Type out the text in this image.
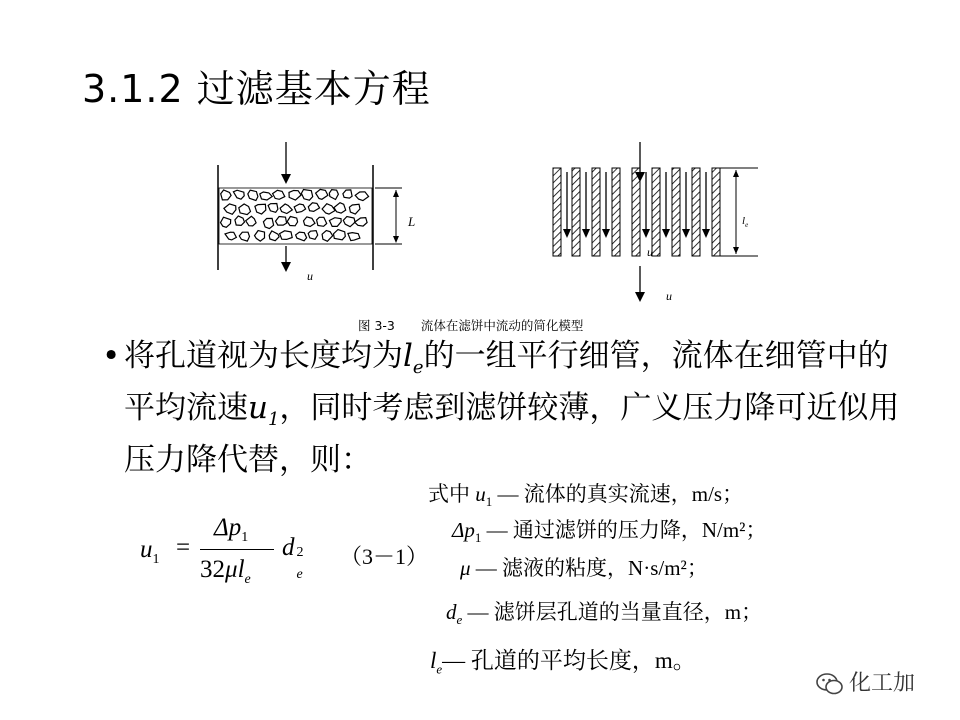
3.1.2 过滤基本方程
L
u
$l_e$
u
u
图 3-3 流体在滤饼中流动的简化模型
• 将孔道视为长度均为$l_e$的一组平行细管，流体在细管中的平均流速$u_1$，同时考虑到滤饼较薄，广义压力降可近似用压力降代替，则：
$u_1$ =
$\Delta p_1$
$32\mu l_e$
d 2
e
（3－1）
式中 $u_1$ — 流体的真实流速，m/s；
$\Delta p_1$ — 通过滤饼的压力降，N/m²；
μ — 滤液的粘度，N·s/m²；
$d_e$ — 滤饼层孔道的当量直径，m；
$l_e—$ 孔道的平均长度，m。
化工加
